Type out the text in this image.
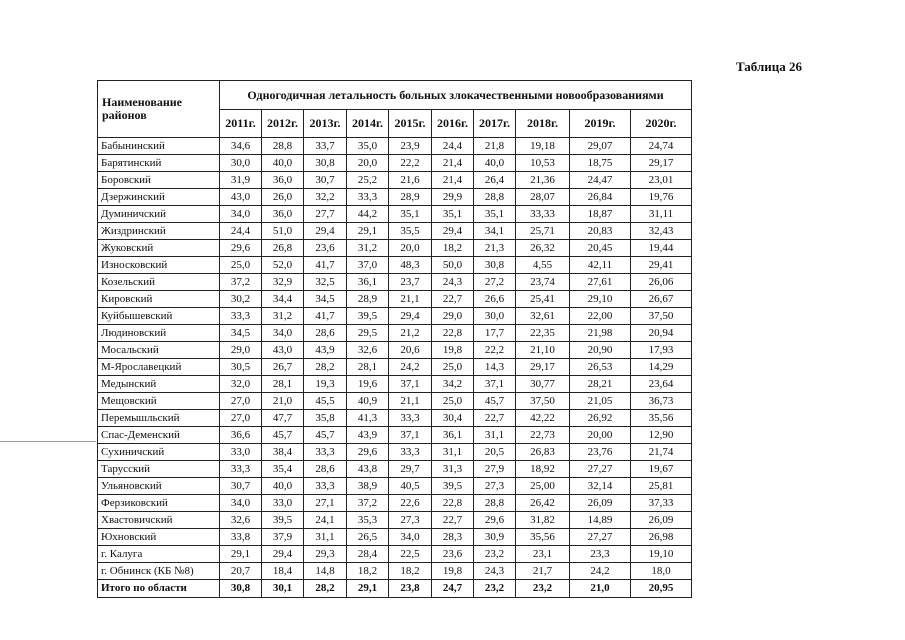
Таблица 26
Наименование районов	Одногодичная летальность больных злокачественными новообразованиями									
	2011г.	2012г.	2013г.	2014г.	2015г.	2016г.	2017г.	2018г.	2019г.	2020г.
Бабынинский	34,6	28,8	33,7	35,0	23,9	24,4	21,8	19,18	29,07	24,74
Барятинский	30,0	40,0	30,8	20,0	22,2	21,4	40,0	10,53	18,75	29,17
Боровский	31,9	36,0	30,7	25,2	21,6	21,4	26,4	21,36	24,47	23,01
Дзержинский	43,0	26,0	32,2	33,3	28,9	29,9	28,8	28,07	26,84	19,76
Думиничский	34,0	36,0	27,7	44,2	35,1	35,1	35,1	33,33	18,87	31,11
Жиздринский	24,4	51,0	29,4	29,1	35,5	29,4	34,1	25,71	20,83	32,43
Жуковский	29,6	26,8	23,6	31,2	20,0	18,2	21,3	26,32	20,45	19,44
Износковский	25,0	52,0	41,7	37,0	48,3	50,0	30,8	4,55	42,11	29,41
Козельский	37,2	32,9	32,5	36,1	23,7	24,3	27,2	23,74	27,61	26,06
Кировский	30,2	34,4	34,5	28,9	21,1	22,7	26,6	25,41	29,10	26,67
Куйбышевский	33,3	31,2	41,7	39,5	29,4	29,0	30,0	32,61	22,00	37,50
Людиновский	34,5	34,0	28,6	29,5	21,2	22,8	17,7	22,35	21,98	20,94
Мосальский	29,0	43,0	43,9	32,6	20,6	19,8	22,2	21,10	20,90	17,93
М-Ярославецкий	30,5	26,7	28,2	28,1	24,2	25,0	14,3	29,17	26,53	14,29
Медынский	32,0	28,1	19,3	19,6	37,1	34,2	37,1	30,77	28,21	23,64
Мещовский	27,0	21,0	45,5	40,9	21,1	25,0	45,7	37,50	21,05	36,73
Перемышльский	27,0	47,7	35,8	41,3	33,3	30,4	22,7	42,22	26,92	35,56
Спас-Деменский	36,6	45,7	45,7	43,9	37,1	36,1	31,1	22,73	20,00	12,90
Сухиничский	33,0	38,4	33,3	29,6	33,3	31,1	20,5	26,83	23,76	21,74
Тарусский	33,3	35,4	28,6	43,8	29,7	31,3	27,9	18,92	27,27	19,67
Ульяновский	30,7	40,0	33,3	38,9	40,5	39,5	27,3	25,00	32,14	25,81
Ферзиковский	34,0	33,0	27,1	37,2	22,6	22,8	28,8	26,42	26,09	37,33
Хвастовичский	32,6	39,5	24,1	35,3	27,3	22,7	29,6	31,82	14,89	26,09
Юхновский	33,8	37,9	31,1	26,5	34,0	28,3	30,9	35,56	27,27	26,98
г. Калуга	29,1	29,4	29,3	28,4	22,5	23,6	23,2	23,1	23,3	19,10
г. Обнинск (КБ №8)	20,7	18,4	14,8	18,2	18,2	19,8	24,3	21,7	24,2	18,0
Итого по области	30,8	30,1	28,2	29,1	23,8	24,7	23,2	23,2	21,0	20,95
